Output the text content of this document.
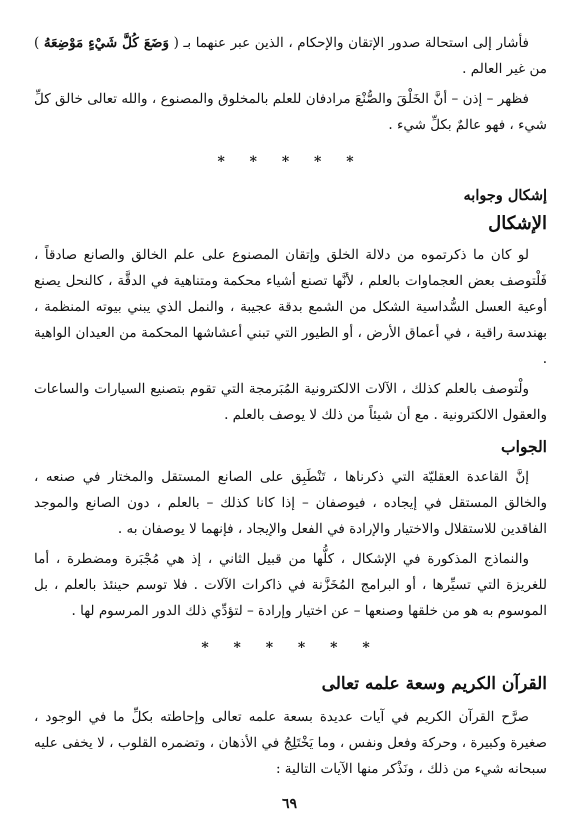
فأشار إلى استحالة صدور الإتقان والإحكام ، الذين عبر عنهما بـ ( وَضَعَ كُلَّ شَيْءٍ مَوْضِعَهُ ) من غير العالم .

فظهر – إذن – أنَّ الخَلْقَ والصُّنْعَ مرادفان للعلم بالمخلوق والمصنوع ، والله تعالى خالق كلِّ شيء ، فهو عالمٌ بكلِّ شيء .

* * * * *
إشكال وجوابه
الإشكال

لو كان ما ذكرتموه من دلالة الخلق وإتقان المصنوع على علم الخالق والصانع صادقاً ، فَلْتوصف بعض العجماوات بالعلم ، لأنَّها تصنع أشياء محكمة ومتناهية في الدقَّة ، كالنحل يصنع أوعية العسل السُّداسية الشكل من الشمع بدقة عجيبة ، والنمل الذي يبني بيوته المنظمة ، بهندسة راقية ، في أعماق الأرض ، أو الطيور التي تبني أعشاشها المحكمة من العيدان الواهية .

ولْتوصف بالعلم كذلك ، الآلات الالكترونية المُبَرمجة التي تقوم بتصنيع السيارات والساعات والعقول الالكترونية . مع أن شيئاً من ذلك لا يوصف بالعلم .

الجواب

إنَّ القاعدة العقليّة التي ذكرناها ، تَنْطَبِق على الصانع المستقل والمختار في صنعه ، والخالق المستقل في إيجاده ، فيوصفان – إذا كانا كذلك – بالعلم ، دون الصانع والموجد الفاقدين للاستقلال والاختيار والإرادة في الفعل والإيجاد ، فإنهما لا يوصفان به .

والنماذج المذكورة في الإشكال ، كلُّها من قبيل الثاني ، إذ هي مُجْبَرة ومضطرة ، أما للغريزة التي تسيِّرها ، أو البرامج المُخَزَّنة في ذاكرات الآلات . فلا توسم حينئذ بالعلم ، بل الموسوم به هو من خلقها وصنعها – عن اختيار وإرادة – لتؤدِّي ذلك الدور المرسوم لها .

* * * * * *
القرآن الكريم وسعة علمه تعالى

صرَّح القرآن الكريم في آيات عديدة بسعة علمه تعالى وإحاطته بكلِّ ما في الوجود ، صغيرة وكبيرة ، وحركة وفعل ونفس ، وما يَخْتَلِجُ في الأذهان ، وتضمره القلوب ، لا يخفى عليه سبحانه شيء من ذلك ، ونَذْكر منها الآيات التالية :

٦٩
